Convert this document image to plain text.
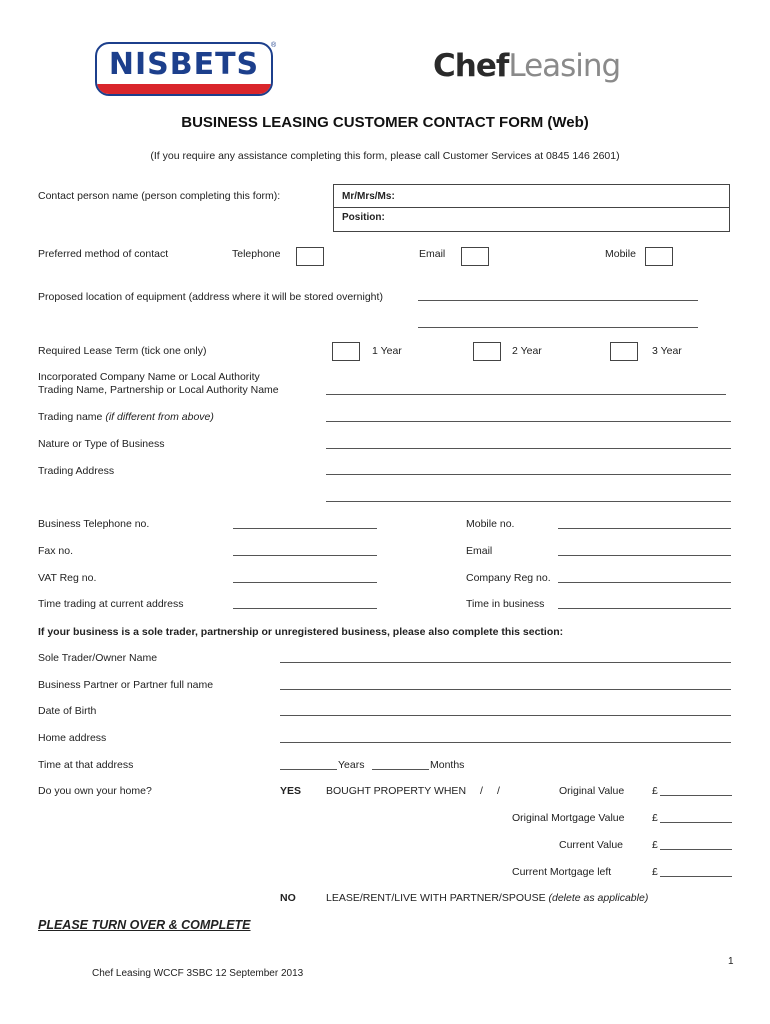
NISBETS
®
ChefLeasing
BUSINESS LEASING CUSTOMER CONTACT FORM (Web)
(If you require any assistance completing this form, please call Customer Services at 0845 146 2601)
Contact person name (person completing this form):	Mr/Mrs/Ms:
Position:
Preferred method of contact	Telephone	Email	Mobile
Proposed location of equipment (address where it will be stored overnight)
Required Lease Term (tick one only)	1 Year	2 Year	3 Year
Incorporated Company Name or Local Authority
Trading Name, Partnership or Local Authority Name
Trading name (if different from above)
Nature or Type of Business
Trading Address
Business Telephone no.	Mobile no.
Fax no.	Email
VAT Reg no.	Company Reg no.
Time trading at current address	Time in business
If your business is a sole trader, partnership or unregistered business, please also complete this section:
Sole Trader/Owner Name
Business Partner or Partner full name
Date of Birth
Home address
Time at that address	Years	Months
Do you own your home?	YES BOUGHT PROPERTY WHEN / /	Original Value	£
Original Mortgage Value	£
Current Value	£
Current Mortgage left	£
NO	LEASE/RENT/LIVE WITH PARTNER/SPOUSE (delete as applicable)
PLEASE TURN OVER & COMPLETE
1
Chef Leasing WCCF 3SBC 12 September 2013
